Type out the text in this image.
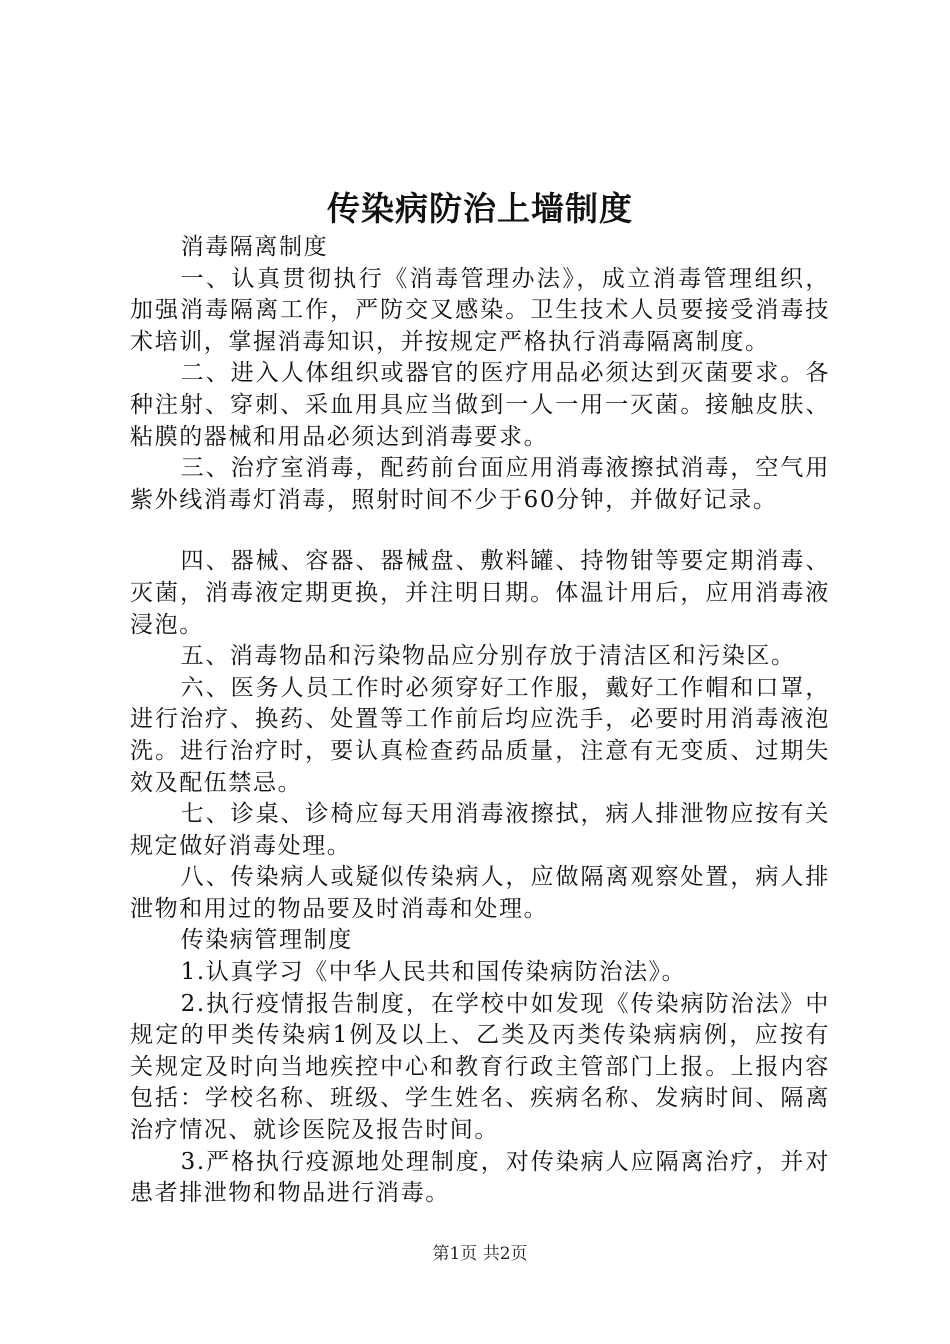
传染病防治上墙制度

消毒隔离制度

一、认真贯彻执行《消毒管理办法》，成立消毒管理组织，加强消毒隔离工作，严防交叉感染。卫生技术人员要接受消毒技术培训，掌握消毒知识，并按规定严格执行消毒隔离制度。

二、进入人体组织或器官的医疗用品必须达到灭菌要求。各种注射、穿刺、采血用具应当做到一人一用一灭菌。接触皮肤、粘膜的器械和用品必须达到消毒要求。

三、治疗室消毒，配药前台面应用消毒液擦拭消毒，空气用紫外线消毒灯消毒，照射时间不少于60分钟，并做好记录。

四、器械、容器、器械盘、敷料罐、持物钳等要定期消毒、灭菌，消毒液定期更换，并注明日期。体温计用后，应用消毒液浸泡。

五、消毒物品和污染物品应分别存放于清洁区和污染区。

六、医务人员工作时必须穿好工作服，戴好工作帽和口罩，进行治疗、换药、处置等工作前后均应洗手，必要时用消毒液泡洗。进行治疗时，要认真检查药品质量，注意有无变质、过期失效及配伍禁忌。

七、诊桌、诊椅应每天用消毒液擦拭，病人排泄物应按有关规定做好消毒处理。

八、传染病人或疑似传染病人，应做隔离观察处置，病人排泄物和用过的物品要及时消毒和处理。

传染病管理制度

1.认真学习《中华人民共和国传染病防治法》。

2.执行疫情报告制度，在学校中如发现《传染病防治法》中规定的甲类传染病1例及以上、乙类及丙类传染病病例，应按有关规定及时向当地疾控中心和教育行政主管部门上报。上报内容包括：学校名称、班级、学生姓名、疾病名称、发病时间、隔离治疗情况、就诊医院及报告时间。

3.严格执行疫源地处理制度，对传染病人应隔离治疗，并对患者排泄物和物品进行消毒。

第1页 共2页
